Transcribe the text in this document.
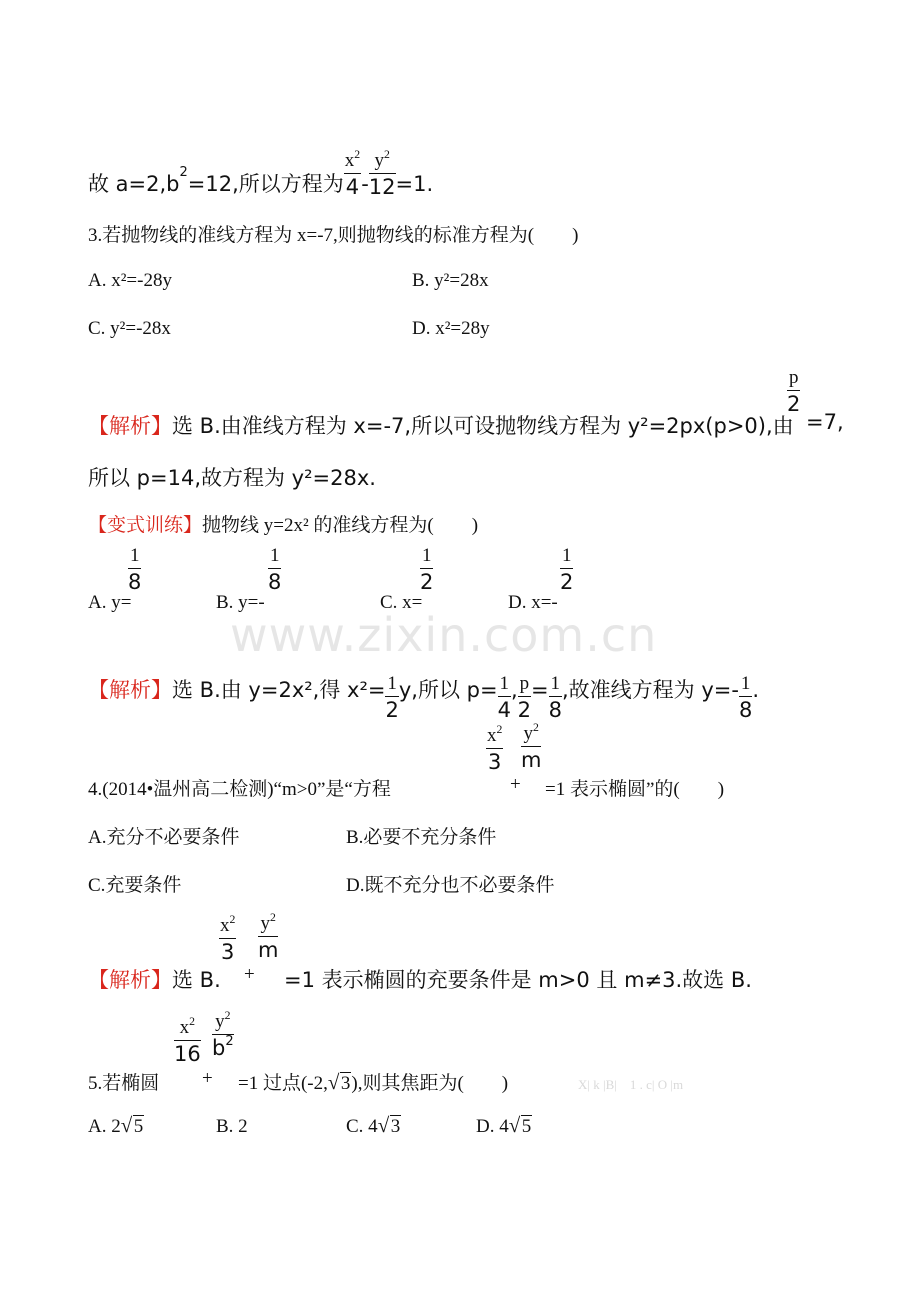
故 $a=2,b^2=12$,所以方程为 $\frac{x^2}{4} - \frac{y^2}{12} =1$.
3.若抛物线的准线方程为 x=-7,则抛物线的标准方程为(　　)
A. x²=-28y	B. y²=28x
C. y²=-28x	D. x²=28y
【解析】选 B.由准线方程为 x=-7,所以可设抛物线方程为 y²=2px(p>0),由
$\frac{p}{2}$
=7,
所以 p=14,故方程为 y²=28x.
【变式训练】抛物线 y=2x² 的准线方程为(　　)
A. y=
$\frac{1}{8}$
B. y=-
$\frac{1}{8}$
C. x=
$\frac{1}{2}$
D. x=-
$\frac{1}{2}$
www.zixin.com.cn
【解析】选 B.由 y=2x²,得 $x^2= \frac{1}{2} y$,所以 $p= \frac{1}{4}$ , $\frac{p}{2} = \frac{1}{8}$ ,故准线方程为 $y=- \frac{1}{8}$ .
4.(2014•温州高二检测)“m>0”是“方程
$\frac{x^2}{3}$
+
$\frac{y^2}{m}$
=1 表示椭圆”的(　　)
A.充分不必要条件	B.必要不充分条件
C.充要条件	D.既不充分也不必要条件
【解析】选 B.
$\frac{x^2}{3}$
+
$\frac{y^2}{m}$
=1 表示椭圆的充要条件是 m>0 且 m≠3.故选 B.
5.若椭圆
$\frac{x^2}{16}$
+
$\frac{y^2}{b^2}$
=1 过点(-2, √ 3),则其焦距为(　　)	X| k |B|　1 . c| O |m
A. 2 √ 5	B. 2	C. 4 √ 3	D. 4 √ 5
